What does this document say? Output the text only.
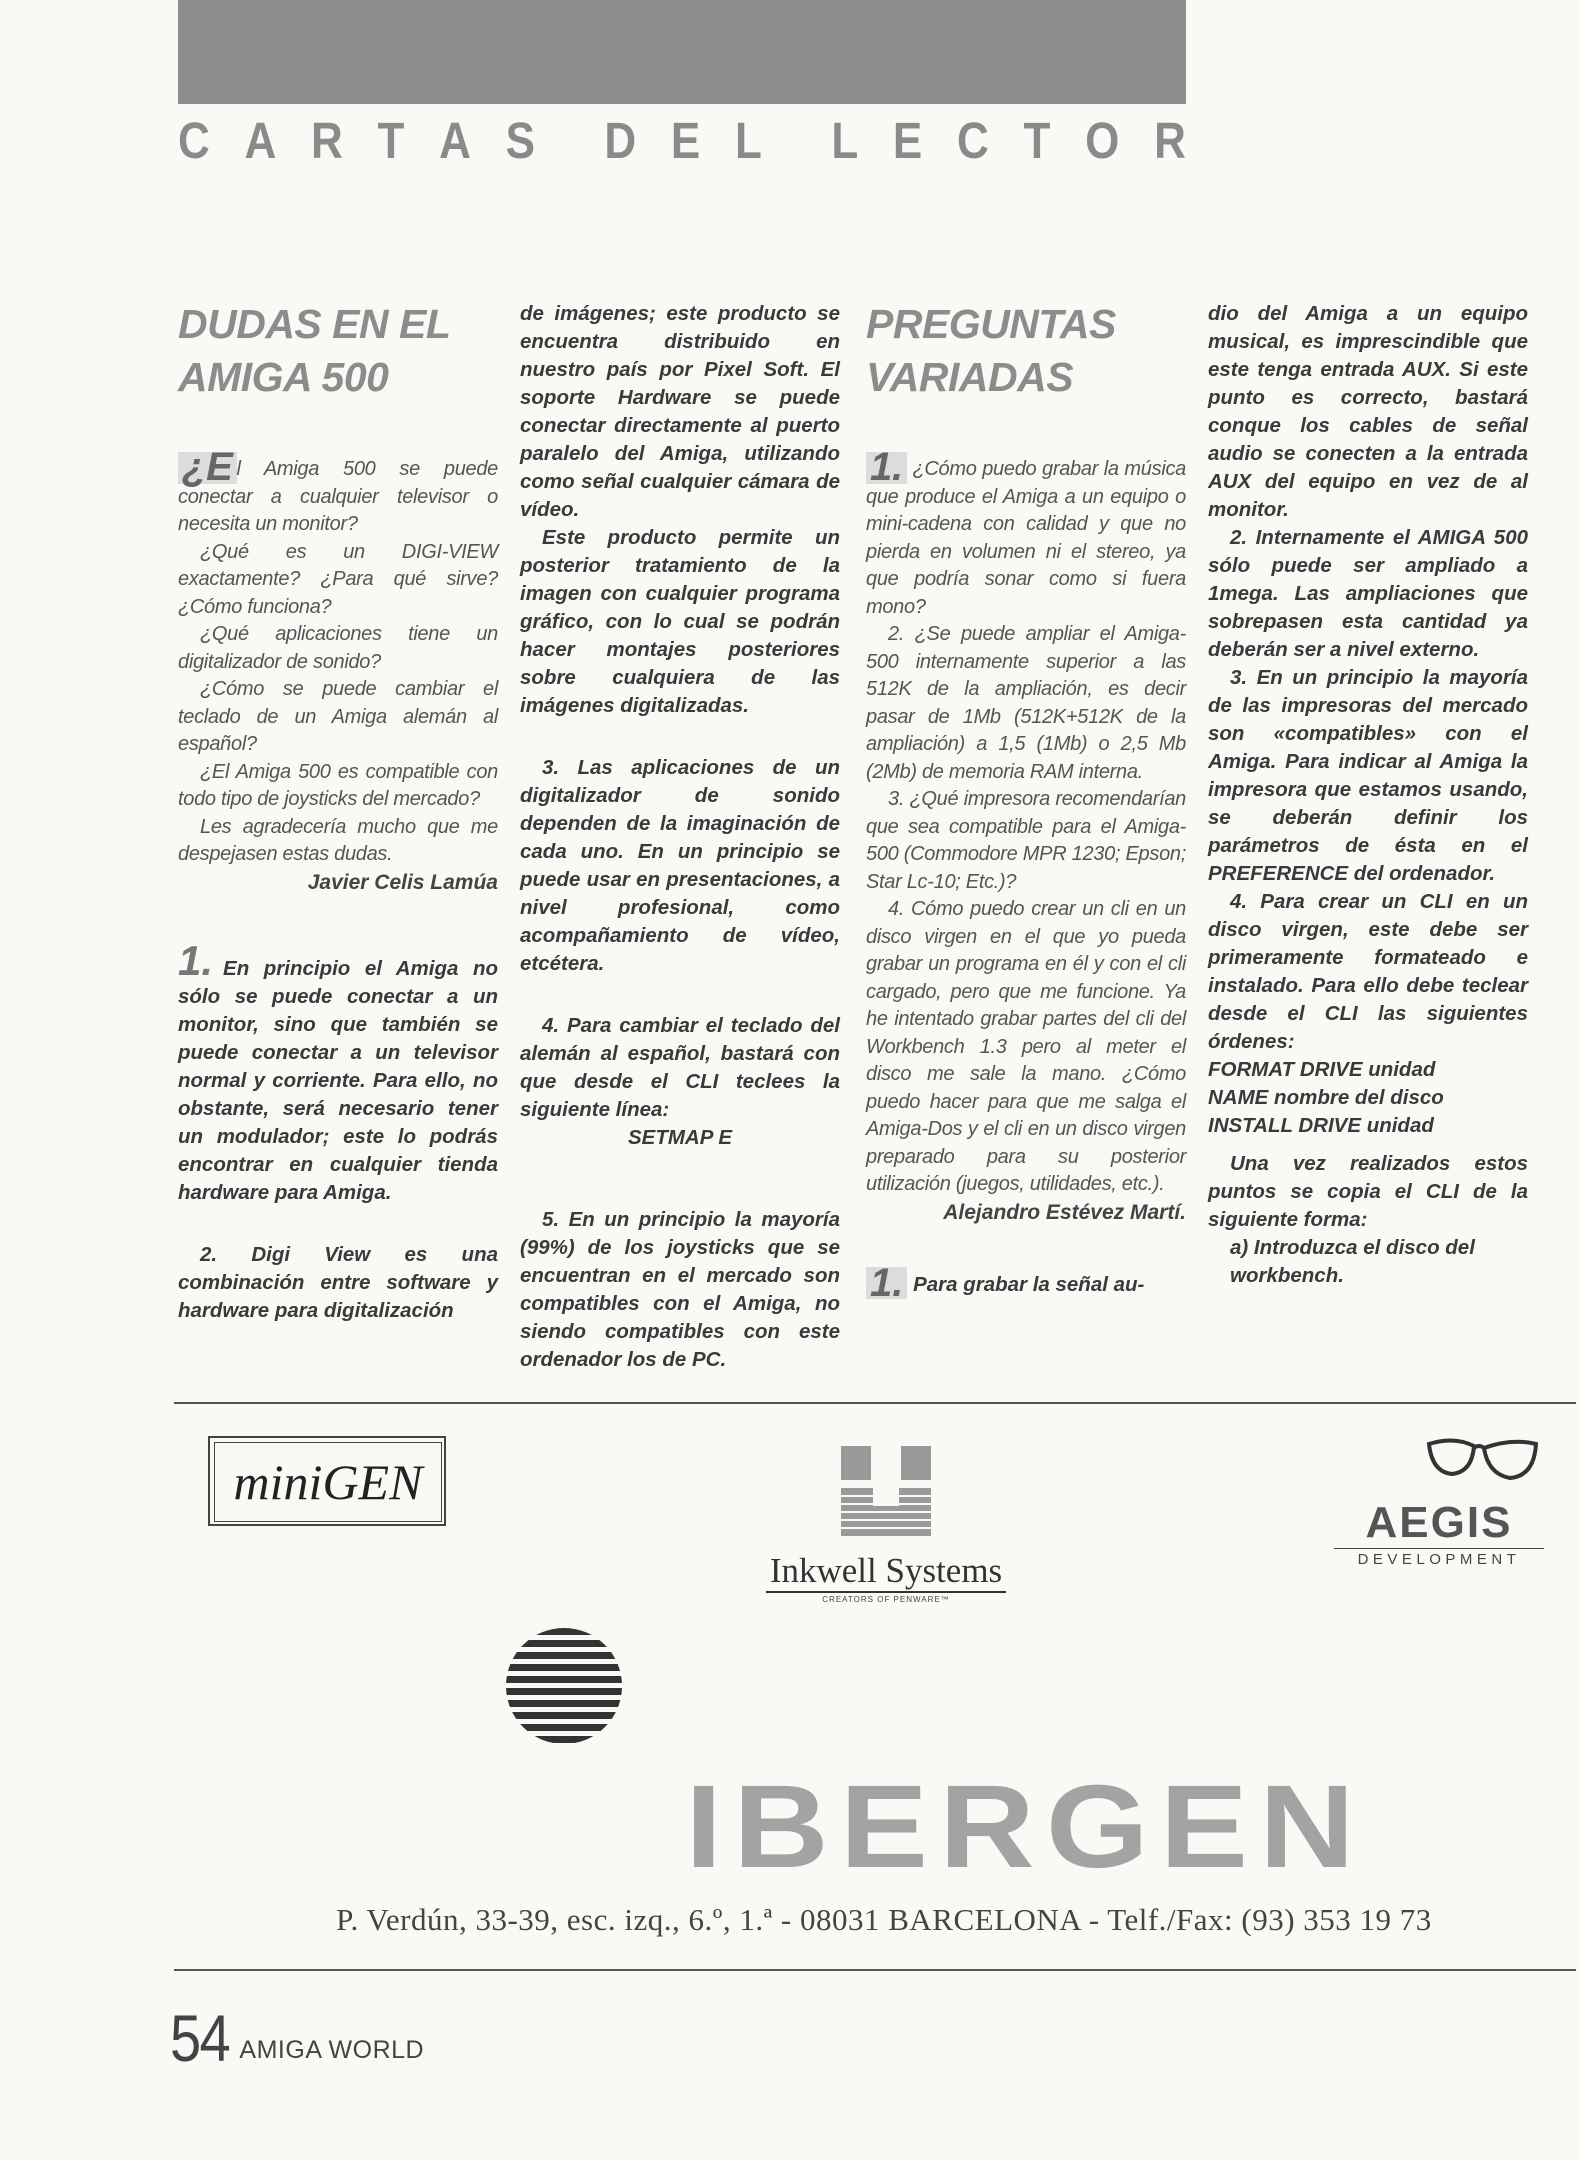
C A R T A S D E L L E C T O R
DUDAS EN EL AMIGA 500

¿E l Amiga 500 se puede conectar a cualquier televisor o necesita un monitor?

¿Qué es un DIGI-VIEW exactamente? ¿Para qué sirve? ¿Cómo funciona?

¿Qué aplicaciones tiene un digitalizador de sonido?

¿Cómo se puede cambiar el teclado de un Amiga alemán al español?

¿El Amiga 500 es compatible con todo tipo de joysticks del mercado?

Les agradecería mucho que me despejasen estas dudas.

Javier Celis Lamúa

1. En principio el Amiga no sólo se puede conectar a un monitor, sino que también se puede conectar a un televisor normal y corriente. Para ello, no obstante, será necesario tener un modulador; este lo podrás encontrar en cualquier tienda hardware para Amiga.

2. Digi View es una combinación entre software y hardware para digitalización

de imágenes; este producto se encuentra distribuido en nuestro país por Pixel Soft. El soporte Hardware se puede conectar directamente al puerto paralelo del Amiga, utilizando como señal cualquier cámara de vídeo.

Este producto permite un posterior tratamiento de la imagen con cualquier programa gráfico, con lo cual se podrán hacer montajes posteriores sobre cualquiera de las imágenes digitalizadas.

3. Las aplicaciones de un digitalizador de sonido dependen de la imaginación de cada uno. En un principio se puede usar en presentaciones, a nivel profesional, como acompañamiento de vídeo, etcétera.

4. Para cambiar el teclado del alemán al español, bastará con que desde el CLI teclees la siguiente línea:

SETMAP E

5. En un principio la mayoría (99%) de los joysticks que se encuentran en el mercado son compatibles con el Amiga, no siendo compatibles con este ordenador los de PC.

PREGUNTAS VARIADAS

1. ¿Cómo puedo grabar la música que produce el Amiga a un equipo o mini-cadena con calidad y que no pierda en volumen ni el stereo, ya que podría sonar como si fuera mono?

2. ¿Se puede ampliar el Amiga-500 internamente superior a las 512K de la ampliación, es decir pasar de 1Mb (512K+512K de la ampliación) a 1,5 (1Mb) o 2,5 Mb (2Mb) de memoria RAM interna.

3. ¿Qué impresora recomendarían que sea compatible para el Amiga-500 (Commodore MPR 1230; Epson; Star Lc-10; Etc.)?

4. Cómo puedo crear un cli en un disco virgen en el que yo pueda grabar un programa en él y con el cli cargado, pero que me funcione. Ya he intentado grabar partes del cli del Workbench 1.3 pero al meter el disco me sale la mano. ¿Cómo puedo hacer para que me salga el Amiga-Dos y el cli en un disco virgen preparado para su posterior utilización (juegos, utilidades, etc.).

Alejandro Estévez Martí.

1. Para grabar la señal au-

dio del Amiga a un equipo musical, es imprescindible que este tenga entrada AUX. Si este punto es correcto, bastará conque los cables de señal audio se conecten a la entrada AUX del equipo en vez de al monitor.

2. Internamente el AMIGA 500 sólo puede ser ampliado a 1mega. Las ampliaciones que sobrepasen esta cantidad ya deberán ser a nivel externo.

3. En un principio la mayoría de las impresoras del mercado son «compatibles» con el Amiga. Para indicar al Amiga la impresora que estamos usando, se deberán definir los parámetros de ésta en el PREFERENCE del ordenador.

4. Para crear un CLI en un disco virgen, este debe ser primeramente formateado e instalado. Para ello debe teclear desde el CLI las siguientes órdenes:

FORMAT DRIVE unidad

NAME nombre del disco

INSTALL DRIVE unidad

Una vez realizados estos puntos se copia el CLI de la siguiente forma:

a) Introduzca el disco del workbench.

miniGEN
Inkwell Systems
CREATORS OF PENWARE™
AEGIS
DEVELOPMENT
IBERGEN
P. Verdún, 33-39, esc. izq., 6.º, 1.ª - 08031 BARCELONA - Telf./Fax: (93) 353 19 73
54 AMIGA WORLD
